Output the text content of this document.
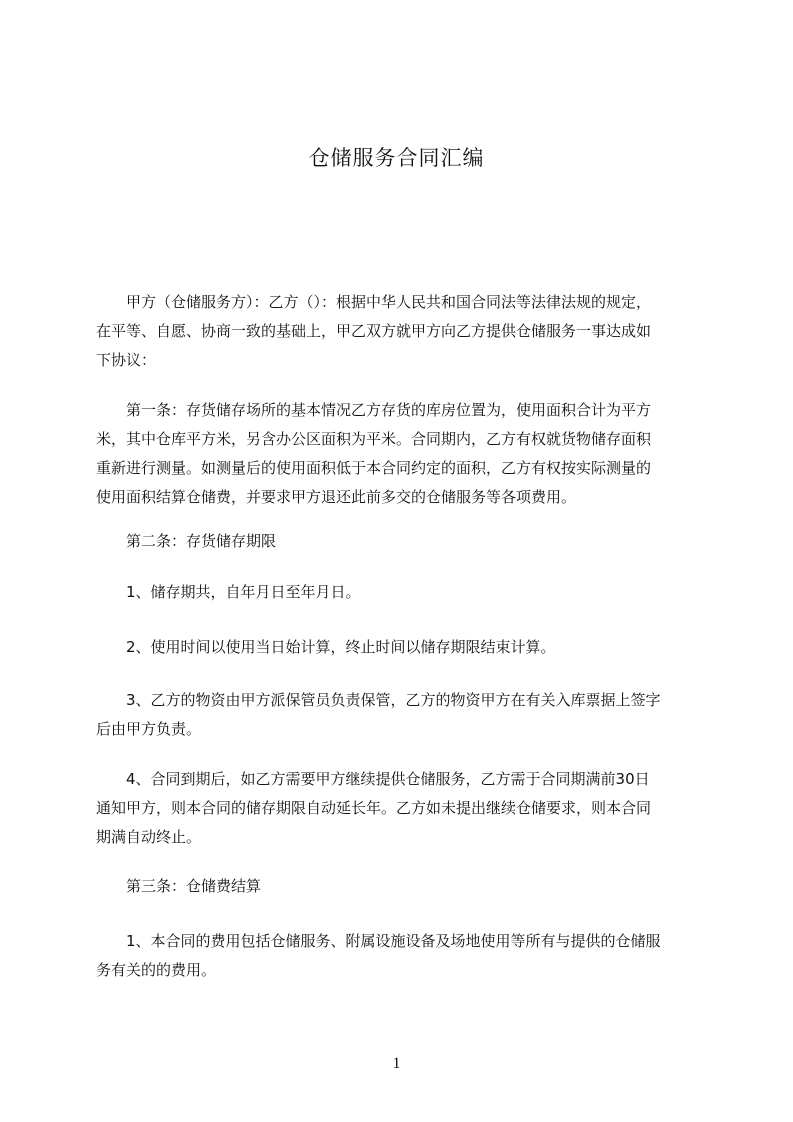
仓储服务合同汇编
　　甲方（仓储服务方）：乙方（）：根据中华人民共和国合同法等法律法规的规定，
在平等、自愿、协商一致的基础上，甲乙双方就甲方向乙方提供仓储服务一事达成如
下协议：
　　第一条：存货储存场所的基本情况乙方存货的库房位置为，使用面积合计为平方
米，其中仓库平方米，另含办公区面积为平米。合同期内，乙方有权就货物储存面积
重新进行测量。如测量后的使用面积低于本合同约定的面积，乙方有权按实际测量的
使用面积结算仓储费，并要求甲方退还此前多交的仓储服务等各项费用。
　　第二条：存货储存期限
　　1、储存期共，自年月日至年月日。
　　2、使用时间以使用当日始计算，终止时间以储存期限结束计算。
　　3、乙方的物资由甲方派保管员负责保管，乙方的物资甲方在有关入库票据上签字
后由甲方负责。
　　4、合同到期后，如乙方需要甲方继续提供仓储服务，乙方需于合同期满前30日
通知甲方，则本合同的储存期限自动延长年。乙方如未提出继续仓储要求，则本合同
期满自动终止。
　　第三条：仓储费结算
　　1、本合同的费用包括仓储服务、附属设施设备及场地使用等所有与提供的仓储服
务有关的的费用。
1
